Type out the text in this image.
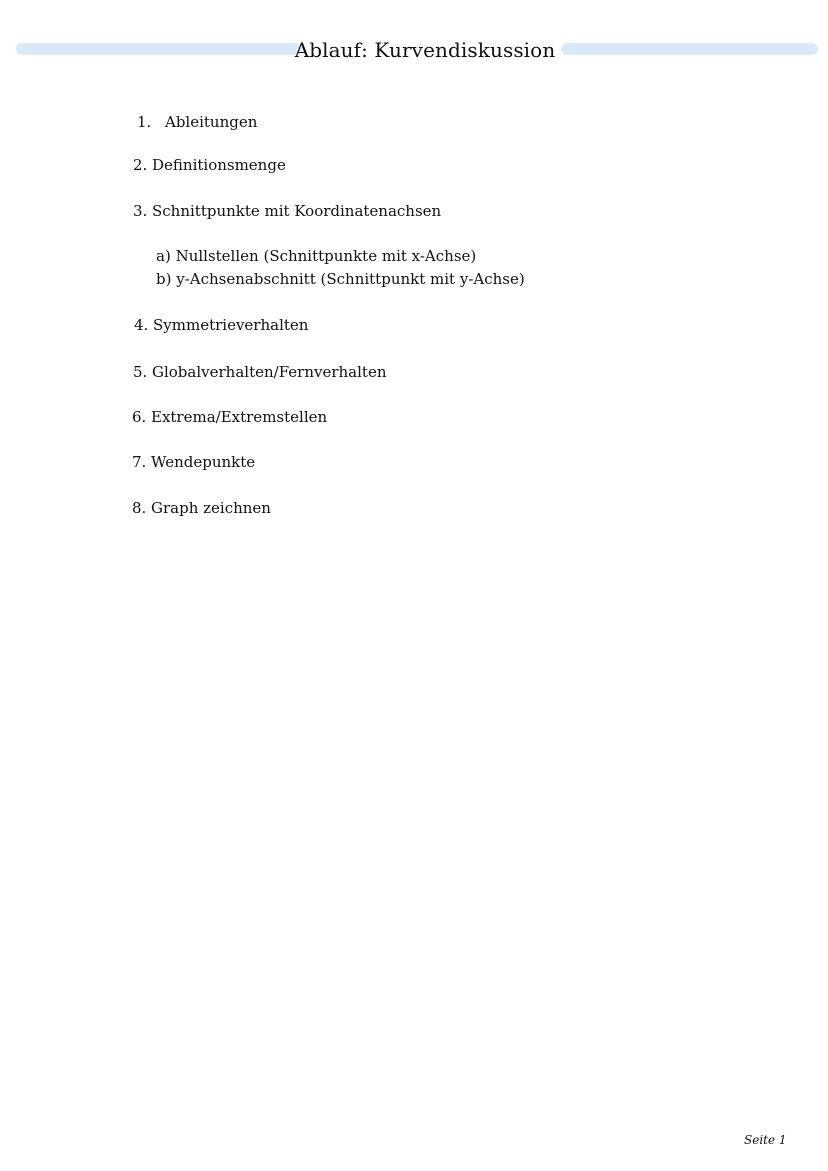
Ablauf: Kurvendiskussion
1. Ableitungen
2. Definitionsmenge
3. Schnittpunkte mit Koordinatenachsen
a) Nullstellen (Schnittpunkte mit x-Achse)
b) y-Achsenabschnitt (Schnittpunkt mit y-Achse)
4. Symmetrieverhalten
5. Globalverhalten/Fernverhalten
6. Extrema/Extremstellen
7. Wendepunkte
8. Graph zeichnen
Seite 1
